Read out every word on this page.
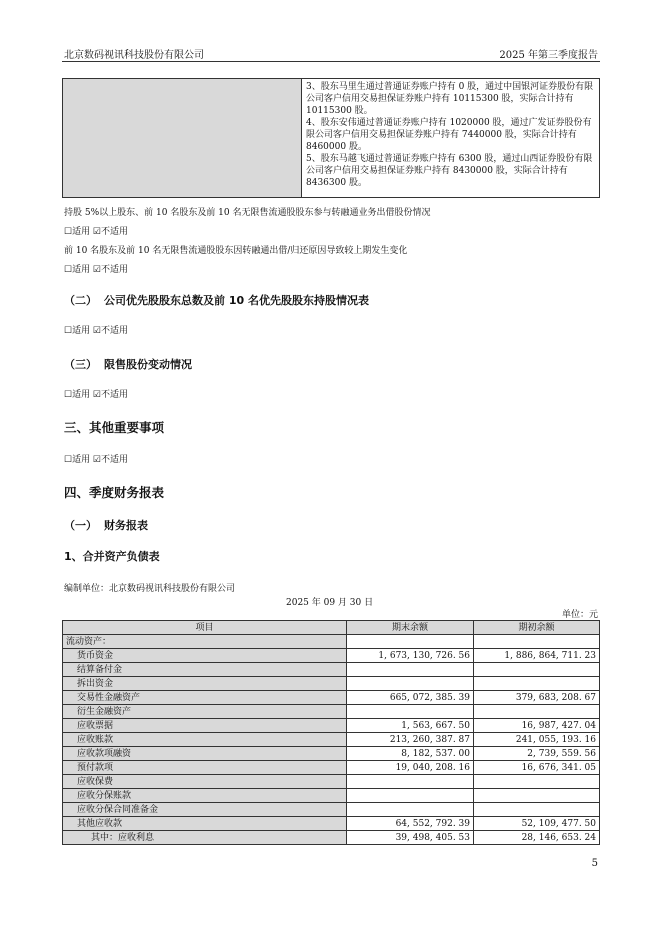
北京数码视讯科技股份有限公司	2025 年第三季度报告

3、股东马里生通过普通证券账户持有 0 股，通过中国银河证券股份有限公司客户信用交易担保证券账户持有 10115300 股，实际合计持有 10115300 股。

4、股东安伟通过普通证券账户持有 1020000 股，通过广发证券股份有限公司客户信用交易担保证券账户持有 7440000 股，实际合计持有 8460000 股。

5、股东马越飞通过普通证券账户持有 6300 股，通过山西证券股份有限公司客户信用交易担保证券账户持有 8430000 股，实际合计持有 8436300 股。

持股 5%以上股东、前 10 名股东及前 10 名无限售流通股股东参与转融通业务出借股份情况
☐适用 ☑不适用
前 10 名股东及前 10 名无限售流通股股东因转融通出借/归还原因导致较上期发生变化
☐适用 ☑不适用
（二） 公司优先股股东总数及前 10 名优先股股东持股情况表
☐适用 ☑不适用
（三） 限售股份变动情况
☐适用 ☑不适用
三、其他重要事项
☐适用 ☑不适用
四、季度财务报表
（一） 财务报表
1、合并资产负债表
编制单位：北京数码视讯科技股份有限公司
2025 年 09 月 30 日
单位：元
项目	期末余额	期初余额
流动资产：		
货币资金	1, 673, 130, 726. 56	1, 886, 864, 711. 23
结算备付金		
拆出资金		
交易性金融资产	665, 072, 385. 39	379, 683, 208. 67
衍生金融资产		
应收票据	1, 563, 667. 50	16, 987, 427. 04
应收账款	213, 260, 387. 87	241, 055, 193. 16
应收款项融资	8, 182, 537. 00	2, 739, 559. 56
预付款项	19, 040, 208. 16	16, 676, 341. 05
应收保费		
应收分保账款		
应收分保合同准备金		
其他应收款	64, 552, 792. 39	52, 109, 477. 50
其中：应收利息	39, 498, 405. 53	28, 146, 653. 24
5
